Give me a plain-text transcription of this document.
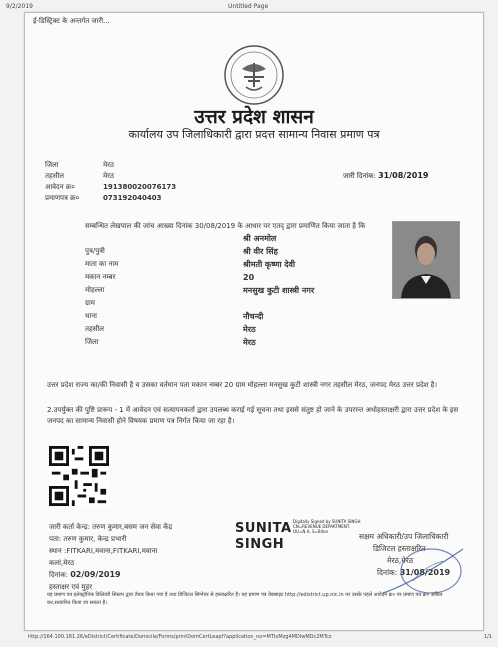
9/2/2019	Untitled Page
ई-डिस्ट्रिक्ट के अन्तर्गत जारी...
उत्तर प्रदेश शासन
कार्यालय उप जिलाधिकारी द्वारा प्रदत्त सामान्य निवास प्रमाण पत्र
जिला	मेरठ
तहसील	मेरठ
आवेदन क्र०	191380020076173
प्रमाणपत्र क्र०	073192040403
जारी दिनांक: 31/08/2019
सम्बन्धित लेखपाल की जांच आख्या दिनांक 30/08/2019 के आधार पर एतद् द्वारा प्रमाणित किया जाता है कि
श्री अनमोल
पुत्र/पुत्री	श्री वीर सिंह
माता का नाम	श्रीमती कृष्णा देवी
मकान नम्बर	20
मोहल्ला	मनसुख कुटी शास्त्री नगर
ग्राम
थाना	नौचन्दी
तहसील	मेरठ
जिला	मेरठ
उत्तर प्रदेश राज्य का/की निवासी है व उसका वर्तमान पता मकान नम्बर 20 ग्राम मोहल्ला मनसुख कुटी शास्त्री नगर तहसील मेरठ, जनपद मेरठ उत्तर प्रदेश है।
2.उपर्युक्त की पुष्टि प्रारूप - 1 में आवेदन एवं सत्यापनकर्ता द्वारा उपलब्ध कराई गई सूचना तथा इससे संतुष्ट हो जाने के उपरान्त अधोहस्ताक्षरी द्वारा उत्तर प्रदेश के इस जनपद का सामान्य निवासी होने विषयक प्रमाण पत्र निर्गत किया जा रहा है।
जारी कर्ता केन्द्र: तरुण कुमार,बसम जन सेवा केंद्र
पता: तरुण कुमार, केन्द्र प्रभारी
स्थान :FITKARI,मवाना,FITKARI,मवाना
कलां,मेरठ
दिनांक: 02/09/2019
हस्ताक्षर एवं मुहर
SUNITA
SINGH
Digitally Signed by SUNITA SINGH CN=REVENUE DEPARTMENT, OU=N.A, S=Bihar
सक्षम अधिकारी/उप जिलाधिकारी
डिजिटल हस्ताक्षरित
मेरठ,मेरठ
दिनांक: 31/08/2019
यह प्रमाण पत्र इलेक्ट्रॉनिक डिलिवरी सिस्टम द्वारा तैयार किया गया है तथा डिजिटल सिग्नेचर से हस्ताक्षरित है। यह प्रमाण पत्र वेबसाइट http://edistrict.up.nic.in पर उसके पहले आवेदन क्र० पर प्रमाण पत्र क्र० अंकित कर,सत्यापित किया जा सकता है।
http://164.100.181.26/eDistrict/Certificate/Domicile/Forms/printDomCertLeapf?application_no=MTIxMzg4MDIwMDc2MTcz	1/1
